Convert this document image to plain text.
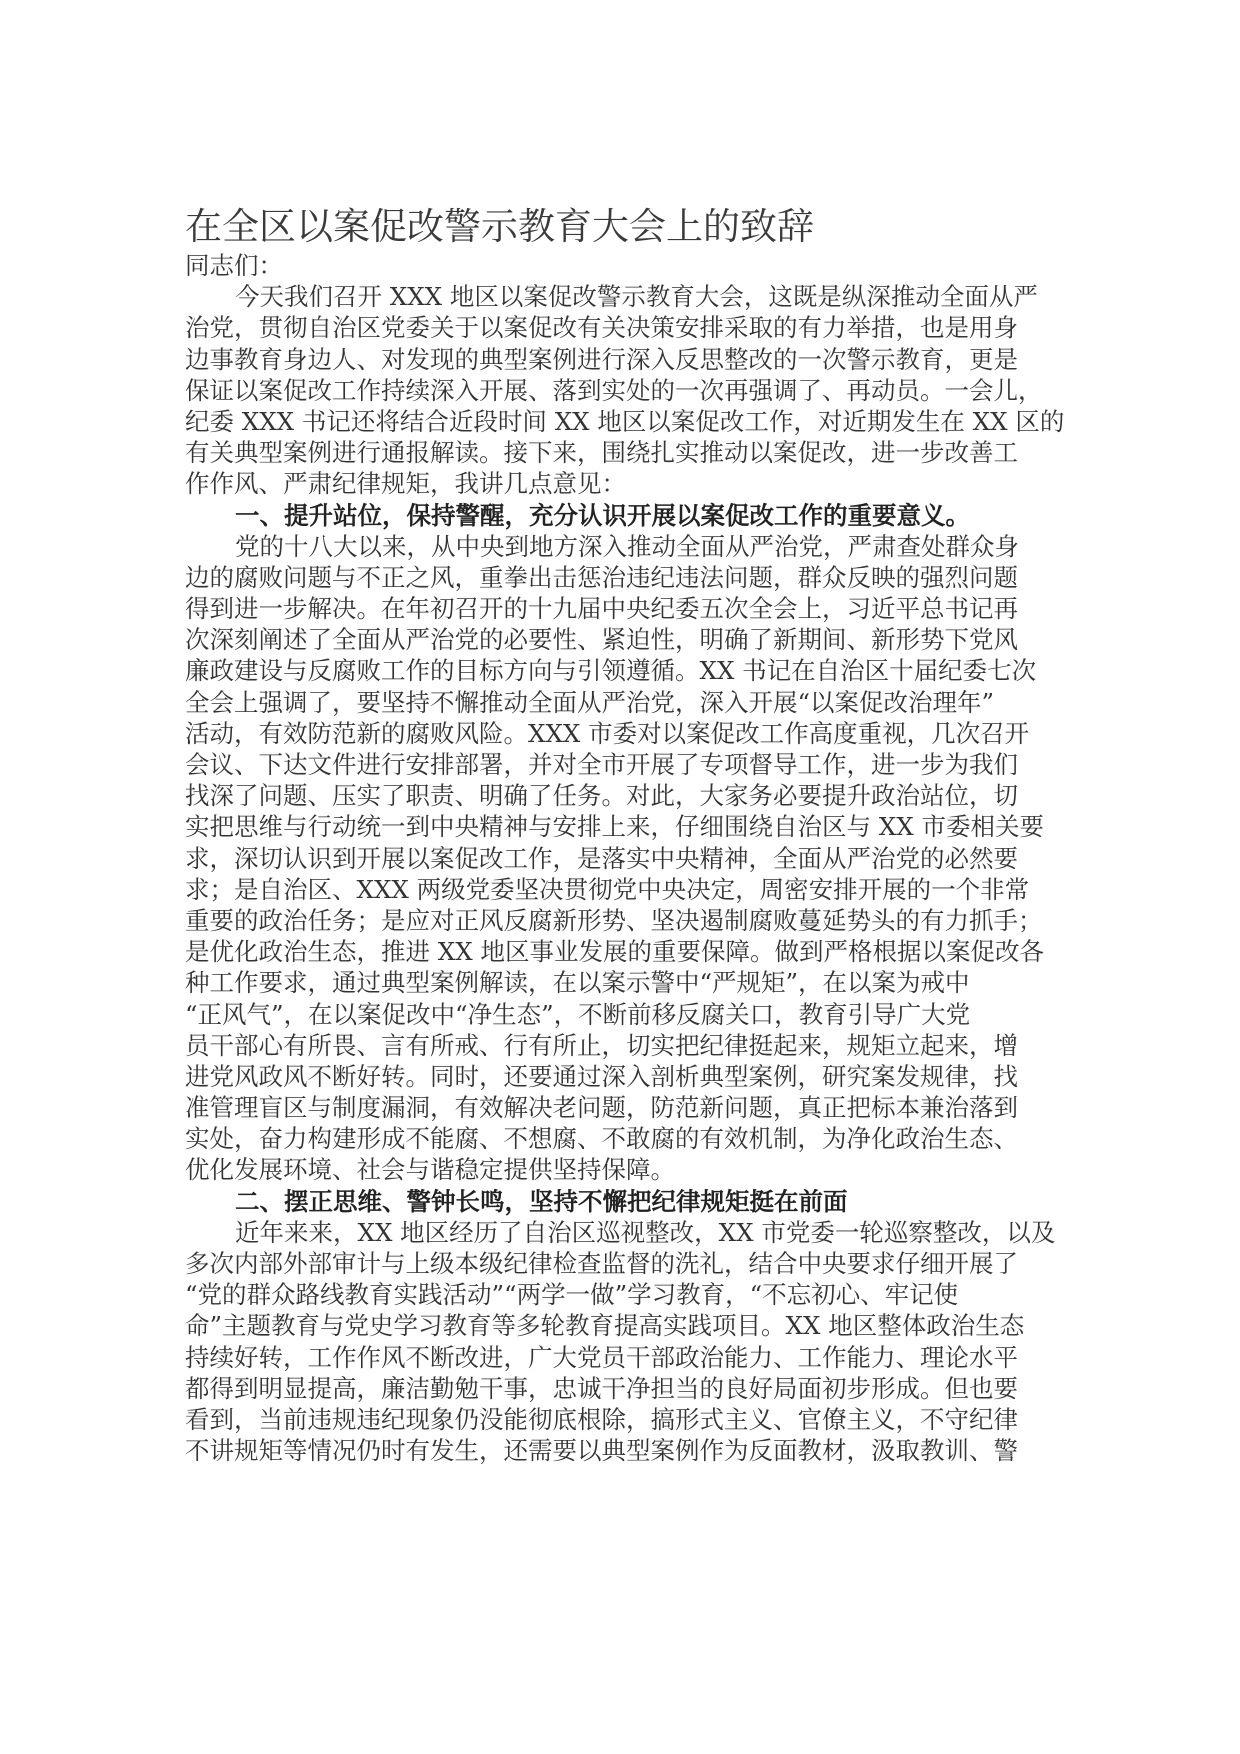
在全区以案促改警示教育大会上的致辞
同志们：
今天我们召开 XXX 地区以案促改警示教育大会，这既是纵深推动全面从严
治党，贯彻自治区党委关于以案促改有关决策安排采取的有力举措，也是用身
边事教育身边人、对发现的典型案例进行深入反思整改的一次警示教育，更是
保证以案促改工作持续深入开展、落到实处的一次再强调了、再动员。一会儿，
纪委 XXX 书记还将结合近段时间 XX 地区以案促改工作，对近期发生在 XX 区的
有关典型案例进行通报解读。接下来，围绕扎实推动以案促改，进一步改善工
作作风、严肃纪律规矩，我讲几点意见：
一、提升站位，保持警醒，充分认识开展以案促改工作的重要意义。
党的十八大以来，从中央到地方深入推动全面从严治党，严肃查处群众身
边的腐败问题与不正之风，重拳出击惩治违纪违法问题，群众反映的强烈问题
得到进一步解决。在年初召开的十九届中央纪委五次全会上，习近平总书记再
次深刻阐述了全面从严治党的必要性、紧迫性，明确了新期间、新形势下党风
廉政建设与反腐败工作的目标方向与引领遵循。XX 书记在自治区十届纪委七次
全会上强调了，要坚持不懈推动全面从严治党，深入开展“以案促改治理年”
活动，有效防范新的腐败风险。XXX 市委对以案促改工作高度重视，几次召开
会议、下达文件进行安排部署，并对全市开展了专项督导工作，进一步为我们
找深了问题、压实了职责、明确了任务。对此，大家务必要提升政治站位，切
实把思维与行动统一到中央精神与安排上来，仔细围绕自治区与 XX 市委相关要
求，深切认识到开展以案促改工作，是落实中央精神，全面从严治党的必然要
求；是自治区、XXX 两级党委坚决贯彻党中央决定，周密安排开展的一个非常
重要的政治任务；是应对正风反腐新形势、坚决遏制腐败蔓延势头的有力抓手；
是优化政治生态，推进 XX 地区事业发展的重要保障。做到严格根据以案促改各
种工作要求，通过典型案例解读，在以案示警中“严规矩”，在以案为戒中
“正风气”，在以案促改中“净生态”，不断前移反腐关口，教育引导广大党
员干部心有所畏、言有所戒、行有所止，切实把纪律挺起来，规矩立起来，增
进党风政风不断好转。同时，还要通过深入剖析典型案例，研究案发规律，找
准管理盲区与制度漏洞，有效解决老问题，防范新问题，真正把标本兼治落到
实处，奋力构建形成不能腐、不想腐、不敢腐的有效机制，为净化政治生态、
优化发展环境、社会与谐稳定提供坚持保障。
二、摆正思维、警钟长鸣，坚持不懈把纪律规矩挺在前面
近年来来，XX 地区经历了自治区巡视整改，XX 市党委一轮巡察整改，以及
多次内部外部审计与上级本级纪律检查监督的洗礼，结合中央要求仔细开展了
“党的群众路线教育实践活动”“两学一做”学习教育，“不忘初心、牢记使
命”主题教育与党史学习教育等多轮教育提高实践项目。XX 地区整体政治生态
持续好转，工作作风不断改进，广大党员干部政治能力、工作能力、理论水平
都得到明显提高，廉洁勤勉干事，忠诚干净担当的良好局面初步形成。但也要
看到，当前违规违纪现象仍没能彻底根除，搞形式主义、官僚主义，不守纪律
不讲规矩等情况仍时有发生，还需要以典型案例作为反面教材，汲取教训、警
